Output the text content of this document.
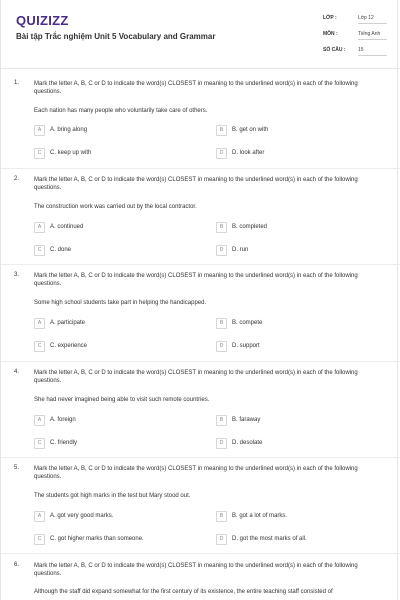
QUIZIZZ
Bài tập Trắc nghiệm Unit 5 Vocabulary and Grammar
LỚP :	Lớp 12
MÔN :	Tiếng Anh
SỐ CÂU :	15
1. Mark the letter A, B, C or D to indicate the word(s) CLOSEST in meaning to the underlined word(s) in each of the following questions.
Each nation has many people who voluntarily take care of others.
A	A. bring along	B	B. get on with
C	C. keep up with	D	D. look after
2. Mark the letter A, B, C or D to indicate the word(s) CLOSEST in meaning to the underlined word(s) in each of the following questions.
The construction work was carried out by the local contractor.
A	A. continued	B	B. completed
C	C. done	D	D. run
3. Mark the letter A, B, C or D to indicate the word(s) CLOSEST in meaning to the underlined word(s) in each of the following questions.
Some high school students take part in helping the handicapped.
A	A. participate	B	B. compete
C	C. experience	D	D. support
4. Mark the letter A, B, C or D to indicate the word(s) CLOSEST in meaning to the underlined word(s) in each of the following questions.
She had never imagined being able to visit such remote countries.
A	A. foreign	B	B. faraway
C	C. friendly	D	D. desolate
5. Mark the letter A, B, C or D to indicate the word(s) CLOSEST in meaning to the underlined word(s) in each of the following questions.
The students got high marks in the test but Mary stood out.
A	A. got very good marks.	B	B. got a lot of marks.
C	C. got higher marks than someone.	D	D. got the most marks of all.
6. Mark the letter A, B, C or D to indicate the word(s) CLOSEST in meaning to the underlined word(s) in each of the following questions.
Although the staff did expand somewhat for the first century of its existence, the entire teaching staff consisted of
